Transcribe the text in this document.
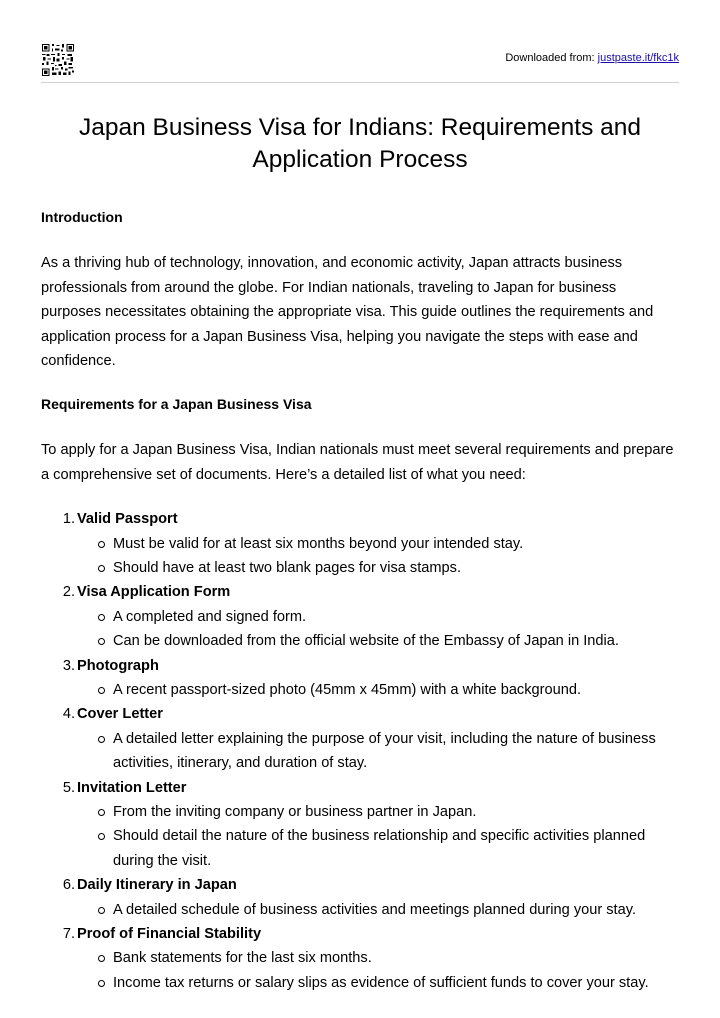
Downloaded from: justpaste.it/fkc1k
Japan Business Visa for Indians: Requirements and Application Process
Introduction

As a thriving hub of technology, innovation, and economic activity, Japan attracts business professionals from around the globe. For Indian nationals, traveling to Japan for business purposes necessitates obtaining the appropriate visa. This guide outlines the requirements and application process for a Japan Business Visa, helping you navigate the steps with ease and confidence.

Requirements for a Japan Business Visa

To apply for a Japan Business Visa, Indian nationals must meet several requirements and prepare a comprehensive set of documents. Here’s a detailed list of what you need:

1. Valid Passport
Must be valid for at least six months beyond your intended stay.
Should have at least two blank pages for visa stamps.
2. Visa Application Form
A completed and signed form.
Can be downloaded from the official website of the Embassy of Japan in India.
3. Photograph
A recent passport-sized photo (45mm x 45mm) with a white background.
4. Cover Letter
A detailed letter explaining the purpose of your visit, including the nature of business activities, itinerary, and duration of stay.
5. Invitation Letter
From the inviting company or business partner in Japan.
Should detail the nature of the business relationship and specific activities planned during the visit.
6. Daily Itinerary in Japan
A detailed schedule of business activities and meetings planned during your stay.
7. Proof of Financial Stability
Bank statements for the last six months.
Income tax returns or salary slips as evidence of sufficient funds to cover your stay.
